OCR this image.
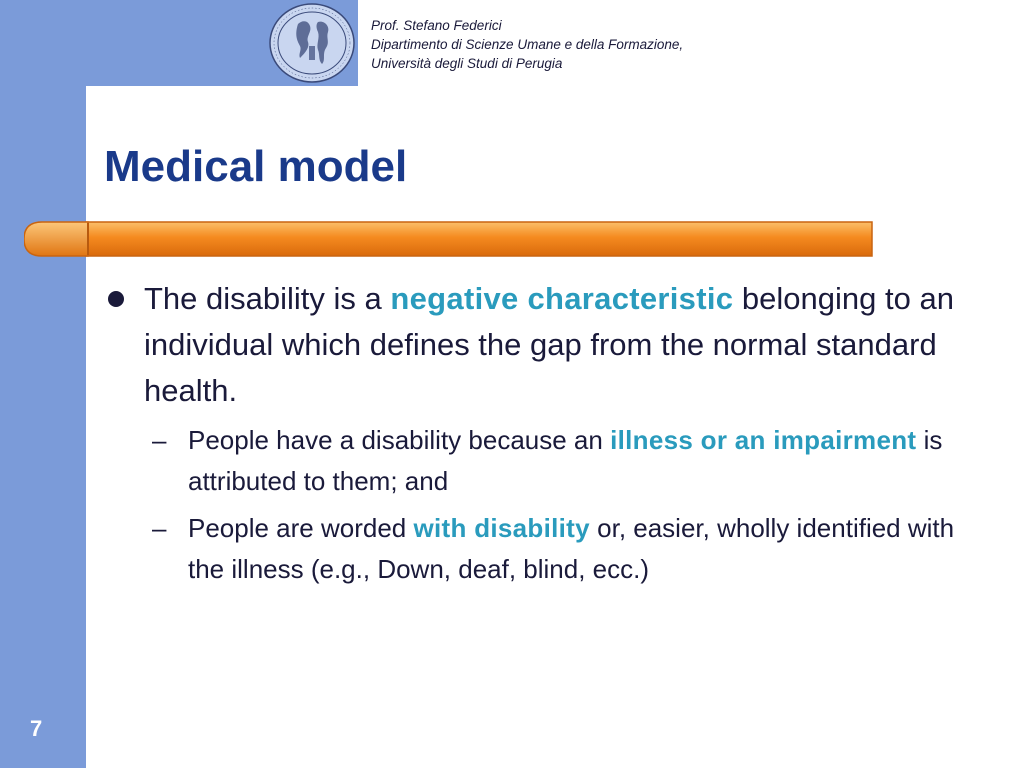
Prof. Stefano Federici
Dipartimento di Scienze Umane e della Formazione,
Università degli Studi di Perugia
Medical model
The disability is a negative characteristic belonging to an individual which defines the gap from the normal standard health.
– People have a disability because an illness or an impairment is attributed to them; and
– People are worded with disability or, easier, wholly identified with the illness (e.g., Down, deaf, blind, ecc.)
7
